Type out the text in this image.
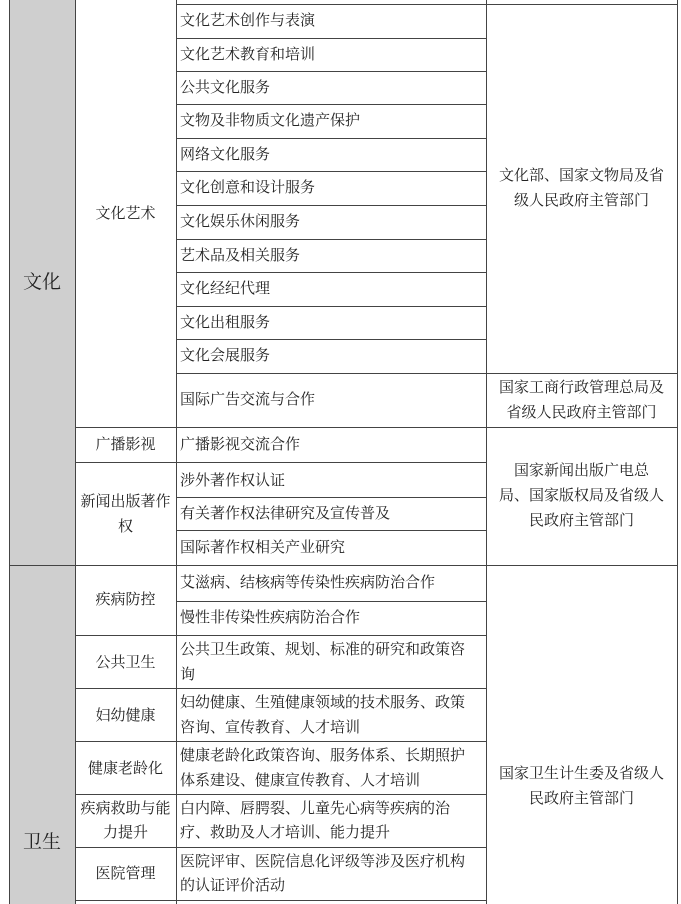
文化
卫生
文化艺术
广播影视
新闻出版著作
权
文化艺术创作与表演
文化艺术教育和培训
公共文化服务
文物及非物质文化遗产保护
网络文化服务
文化创意和设计服务
文化娱乐休闲服务
艺术品及相关服务
文化经纪代理
文化出租服务
文化会展服务
国际广告交流与合作
广播影视交流合作
涉外著作权认证
有关著作权法律研究及宣传普及
国际著作权相关产业研究
文化部、国家文物局及省
级人民政府主管部门
国家工商行政管理总局及
省级人民政府主管部门
国家新闻出版广电总
局、国家版权局及省级人
民政府主管部门
疾病防控
公共卫生
妇幼健康
健康老龄化
疾病救助与能
力提升
医院管理
艾滋病、结核病等传染性疾病防治合作
慢性非传染性疾病防治合作
公共卫生政策、规划、标准的研究和政策咨
询
妇幼健康、生殖健康领域的技术服务、政策
咨询、宣传教育、人才培训
健康老龄化政策咨询、服务体系、长期照护
体系建设、健康宣传教育、人才培训
白内障、唇腭裂、儿童先心病等疾病的治
疗、救助及人才培训、能力提升
医院评审、医院信息化评级等涉及医疗机构
的认证评价活动
国家卫生计生委及省级人
民政府主管部门
